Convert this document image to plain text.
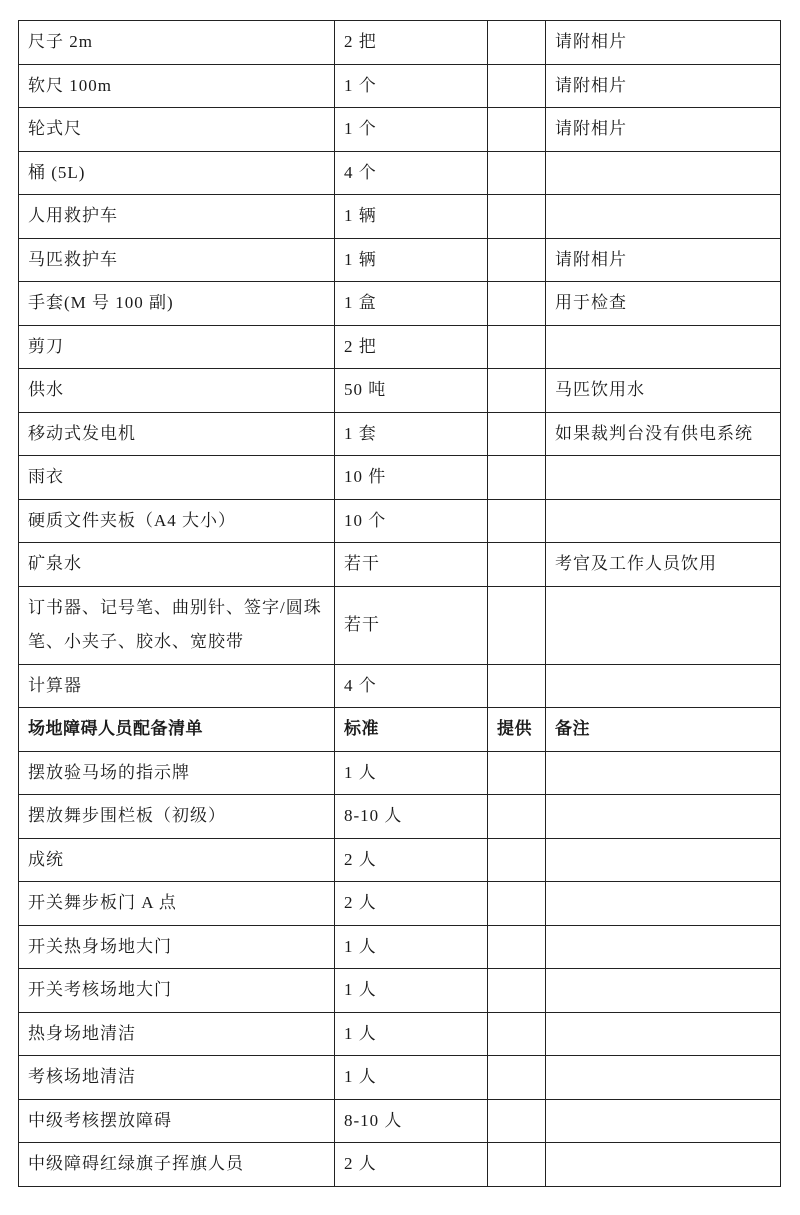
尺子 2m	2 把		请附相片
软尺 100m	1 个		请附相片
轮式尺	1 个		请附相片
桶 (5L)	4 个		
人用救护车	1 辆		
马匹救护车	1 辆		请附相片
手套(M 号 100 副)	1 盒		用于检查
剪刀	2 把		
供水	50 吨		马匹饮用水
移动式发电机	1 套		如果裁判台没有供电系统
雨衣	10 件		
硬质文件夹板（A4 大小）	10 个		
矿泉水	若干		考官及工作人员饮用
订书器、记号笔、曲别针、签字/圆珠笔、小夹子、胶水、宽胶带	若干		
计算器	4 个		
场地障碍人员配备清单	标准	提供	备注
摆放验马场的指示牌	1 人		
摆放舞步围栏板（初级）	8-10 人		
成统	2 人		
开关舞步板门 A 点	2 人		
开关热身场地大门	1 人		
开关考核场地大门	1 人		
热身场地清洁	1 人		
考核场地清洁	1 人		
中级考核摆放障碍	8-10 人		
中级障碍红绿旗子挥旗人员	2 人		
